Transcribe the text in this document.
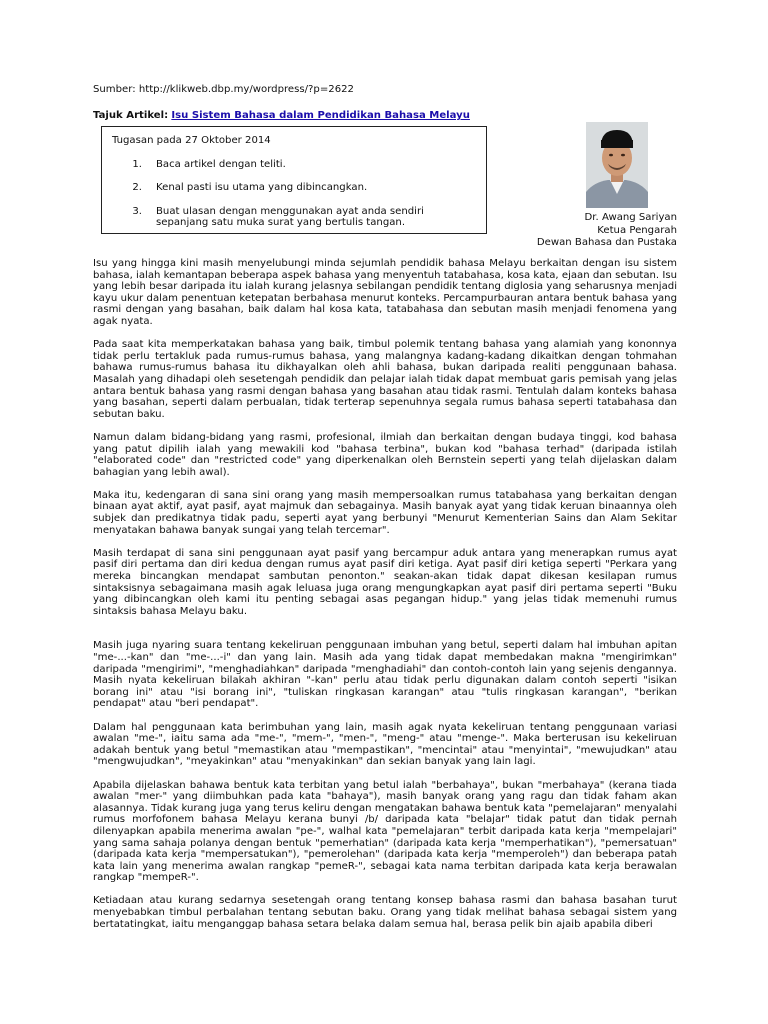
Sumber: http://klikweb.dbp.my/wordpress/?p=2622
Tajuk Artikel: Isu Sistem Bahasa dalam Pendidikan Bahasa Melayu
Tugasan pada 27 Oktober 2014
1.	Baca artikel dengan teliti.
2.	Kenal pasti isu utama yang dibincangkan.
3.	Buat ulasan dengan menggunakan ayat anda sendiri sepanjang satu muka surat yang bertulis tangan.	Dr. Awang Sariyan
Ketua Pengarah
Dewan Bahasa dan Pustaka

Isu yang hingga kini masih menyelubungi minda sejumlah pendidik bahasa Melayu berkaitan dengan isu sistem bahasa, ialah kemantapan beberapa aspek bahasa yang menyentuh tatabahasa, kosa kata, ejaan dan sebutan. Isu yang lebih besar daripada itu ialah kurang jelasnya sebilangan pendidik tentang diglosia yang seharusnya menjadi kayu ukur dalam penentuan ketepatan berbahasa menurut konteks. Percampurbauran antara bentuk bahasa yang rasmi dengan yang basahan, baik dalam hal kosa kata, tatabahasa dan sebutan masih menjadi fenomena yang agak nyata.

Pada saat kita memperkatakan bahasa yang baik, timbul polemik tentang bahasa yang alamiah yang kononnya tidak perlu tertakluk pada rumus-rumus bahasa, yang malangnya kadang-kadang dikaitkan dengan tohmahan bahawa rumus-rumus bahasa itu dikhayalkan oleh ahli bahasa, bukan daripada realiti penggunaan bahasa. Masalah yang dihadapi oleh sesetengah pendidik dan pelajar ialah tidak dapat membuat garis pemisah yang jelas antara bentuk bahasa yang rasmi dengan bahasa yang basahan atau tidak rasmi. Tentulah dalam konteks bahasa yang basahan, seperti dalam perbualan, tidak terterap sepenuhnya segala rumus bahasa seperti tatabahasa dan sebutan baku.

Namun dalam bidang-bidang yang rasmi, profesional, ilmiah dan berkaitan dengan budaya tinggi, kod bahasa yang patut dipilih ialah yang mewakili kod "bahasa terbina", bukan kod "bahasa terhad" (daripada istilah "elaborated code" dan "restricted code" yang diperkenalkan oleh Bernstein seperti yang telah dijelaskan dalam bahagian yang lebih awal).

Maka itu, kedengaran di sana sini orang yang masih mempersoalkan rumus tatabahasa yang berkaitan dengan binaan ayat aktif, ayat pasif, ayat majmuk dan sebagainya. Masih banyak ayat yang tidak keruan binaannya oleh subjek dan predikatnya tidak padu, seperti ayat yang berbunyi "Menurut Kementerian Sains dan Alam Sekitar menyatakan bahawa banyak sungai yang telah tercemar".

Masih terdapat di sana sini penggunaan ayat pasif yang bercampur aduk antara yang menerapkan rumus ayat pasif diri pertama dan diri kedua dengan rumus ayat pasif diri ketiga. Ayat pasif diri ketiga seperti "Perkara yang mereka bincangkan mendapat sambutan penonton." seakan-akan tidak dapat dikesan kesilapan rumus sintaksisnya sebagaimana masih agak leluasa juga orang mengungkapkan ayat pasif diri pertama seperti "Buku yang dibincangkan oleh kami itu penting sebagai asas pegangan hidup." yang jelas tidak memenuhi rumus sintaksis bahasa Melayu baku.

Masih juga nyaring suara tentang kekeliruan penggunaan imbuhan yang betul, seperti dalam hal imbuhan apitan "me-...-kan" dan "me-...-i" dan yang lain. Masih ada yang tidak dapat membedakan makna "mengirimkan" daripada "mengirimi", "menghadiahkan" daripada "menghadiahi" dan contoh-contoh lain yang sejenis dengannya. Masih nyata kekeliruan bilakah akhiran "-kan" perlu atau tidak perlu digunakan dalam contoh seperti "isikan borang ini" atau "isi borang ini", "tuliskan ringkasan karangan" atau "tulis ringkasan karangan", "berikan pendapat" atau "beri pendapat".

Dalam hal penggunaan kata berimbuhan yang lain, masih agak nyata kekeliruan tentang penggunaan variasi awalan "me-", iaitu sama ada "me-", "mem-", "men-", "meng-" atau "menge-". Maka berterusan isu kekeliruan adakah bentuk yang betul "memastikan atau "mempastikan", "mencintai" atau "menyintai", "mewujudkan" atau "mengwujudkan", "meyakinkan" atau "menyakinkan" dan sekian banyak yang lain lagi.

Apabila dijelaskan bahawa bentuk kata terbitan yang betul ialah "berbahaya", bukan "merbahaya" (kerana tiada awalan "mer-" yang diimbuhkan pada kata "bahaya"), masih banyak orang yang ragu dan tidak faham akan alasannya. Tidak kurang juga yang terus keliru dengan mengatakan bahawa bentuk kata "pemelajaran" menyalahi rumus morfofonem bahasa Melayu kerana bunyi /b/ daripada kata "belajar" tidak patut dan tidak pernah dilenyapkan apabila menerima awalan "pe-", walhal kata "pemelajaran" terbit daripada kata kerja "mempelajari" yang sama sahaja polanya dengan bentuk "pemerhatian" (daripada kata kerja "memperhatikan"), "pemersatuan" (daripada kata kerja "mempersatukan"), "pemerolehan" (daripada kata kerja "memperoleh") dan beberapa patah kata lain yang menerima awalan rangkap "pemeR-", sebagai kata nama terbitan daripada kata kerja berawalan rangkap "mempeR-".

Ketiadaan atau kurang sedarnya sesetengah orang tentang konsep bahasa rasmi dan bahasa basahan turut menyebabkan timbul perbalahan tentang sebutan baku. Orang yang tidak melihat bahasa sebagai sistem yang bertatatingkat, iaitu menganggap bahasa setara belaka dalam semua hal, berasa pelik bin ajaib apabila diberi
